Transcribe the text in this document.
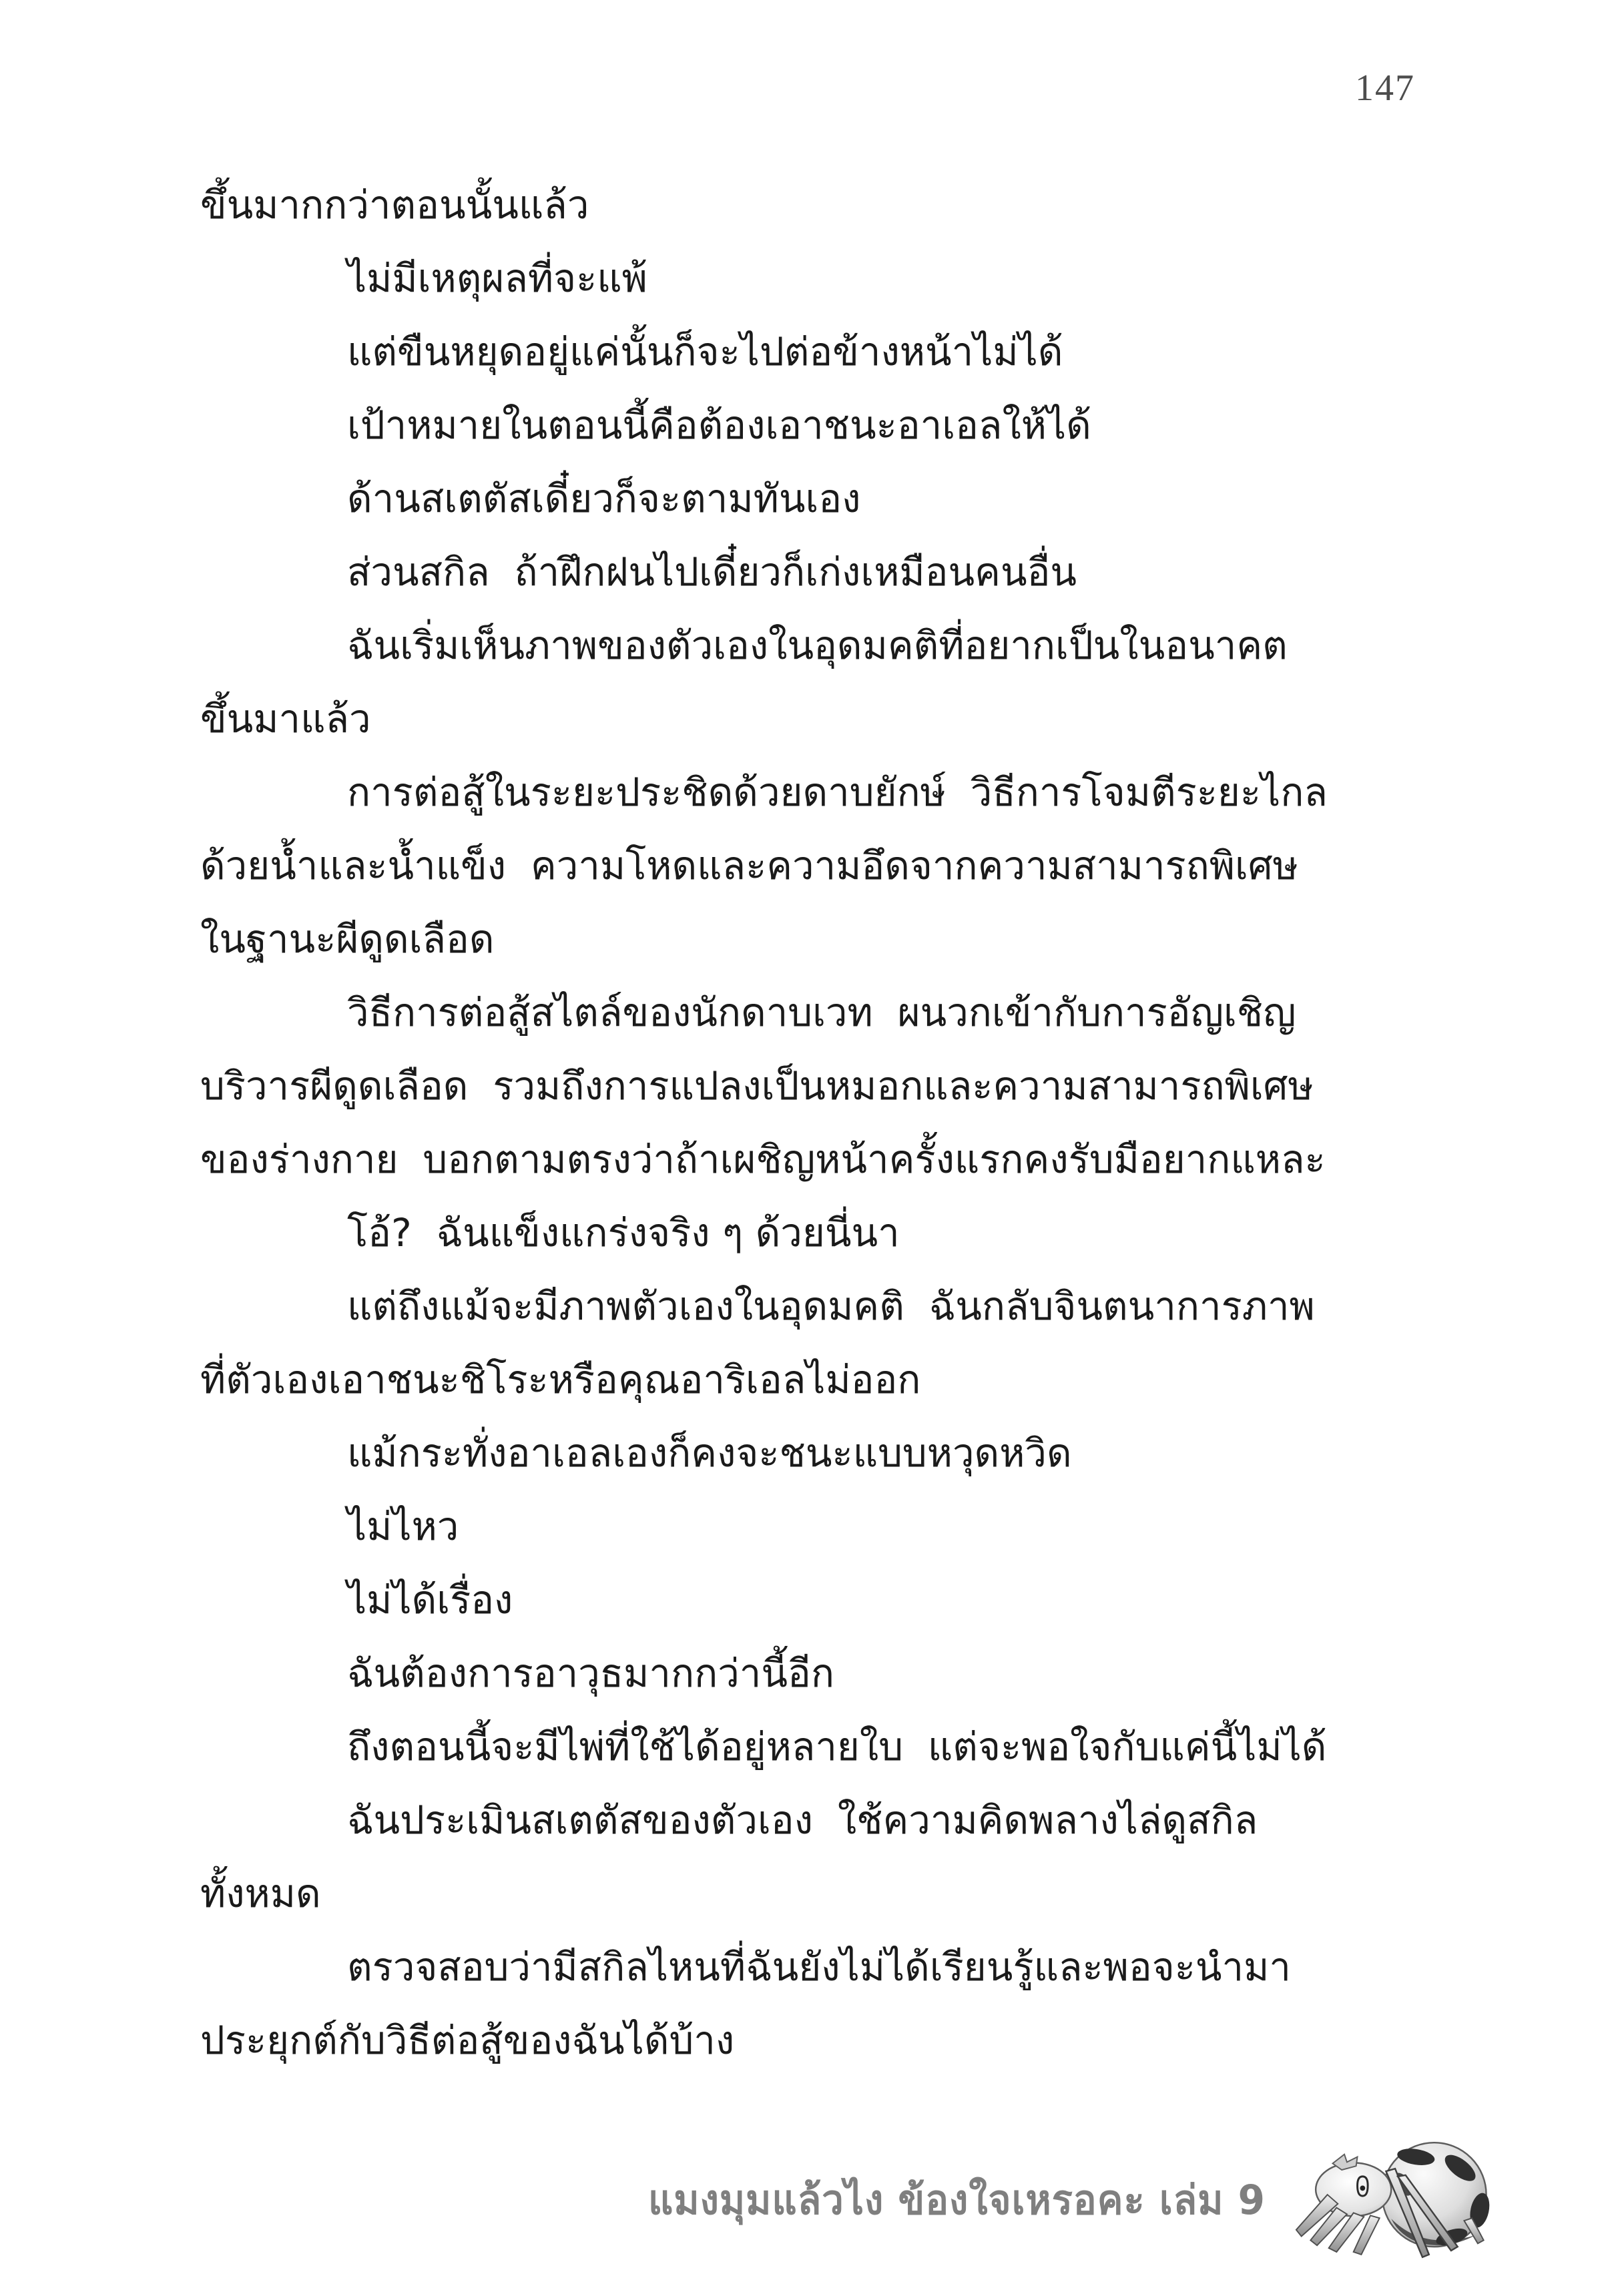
147
ขึ้นมากกว่าตอนนั้นแล้ว
ไม่มีเหตุผลที่จะแพ้
แต่ขืนหยุดอยู่แค่นั้นก็จะไปต่อข้างหน้าไม่ได้
เป้าหมายในตอนนี้คือต้องเอาชนะอาเอลให้ได้
ด้านสเตตัสเดี๋ยวก็จะตามทันเอง
ส่วนสกิล  ถ้าฝึกฝนไปเดี๋ยวก็เก่งเหมือนคนอื่น
ฉันเริ่มเห็นภาพของตัวเองในอุดมคติที่อยากเป็นในอนาคต
ขึ้นมาแล้ว
การต่อสู้ในระยะประชิดด้วยดาบยักษ์  วิธีการโจมตีระยะไกล
ด้วยน้ำและน้ำแข็ง  ความโหดและความอึดจากความสามารถพิเศษ
ในฐานะผีดูดเลือด
วิธีการต่อสู้สไตล์ของนักดาบเวท  ผนวกเข้ากับการอัญเชิญ
บริวารผีดูดเลือด  รวมถึงการแปลงเป็นหมอกและความสามารถพิเศษ
ของร่างกาย  บอกตามตรงว่าถ้าเผชิญหน้าครั้งแรกคงรับมือยากแหละ
โอ้?  ฉันแข็งแกร่งจริง ๆ ด้วยนี่นา
แต่ถึงแม้จะมีภาพตัวเองในอุดมคติ  ฉันกลับจินตนาการภาพ
ที่ตัวเองเอาชนะชิโระหรือคุณอาริเอลไม่ออก
แม้กระทั่งอาเอลเองก็คงจะชนะแบบหวุดหวิด
ไม่ไหว
ไม่ได้เรื่อง
ฉันต้องการอาวุธมากกว่านี้อีก
ถึงตอนนี้จะมีไพ่ที่ใช้ได้อยู่หลายใบ  แต่จะพอใจกับแค่นี้ไม่ได้
ฉันประเมินสเตตัสของตัวเอง  ใช้ความคิดพลางไล่ดูสกิล
ทั้งหมด
ตรวจสอบว่ามีสกิลไหนที่ฉันยังไม่ได้เรียนรู้และพอจะนำมา
ประยุกต์กับวิธีต่อสู้ของฉันได้บ้าง
แมงมุมแล้วไง ข้องใจเหรอคะ เล่ม 9
